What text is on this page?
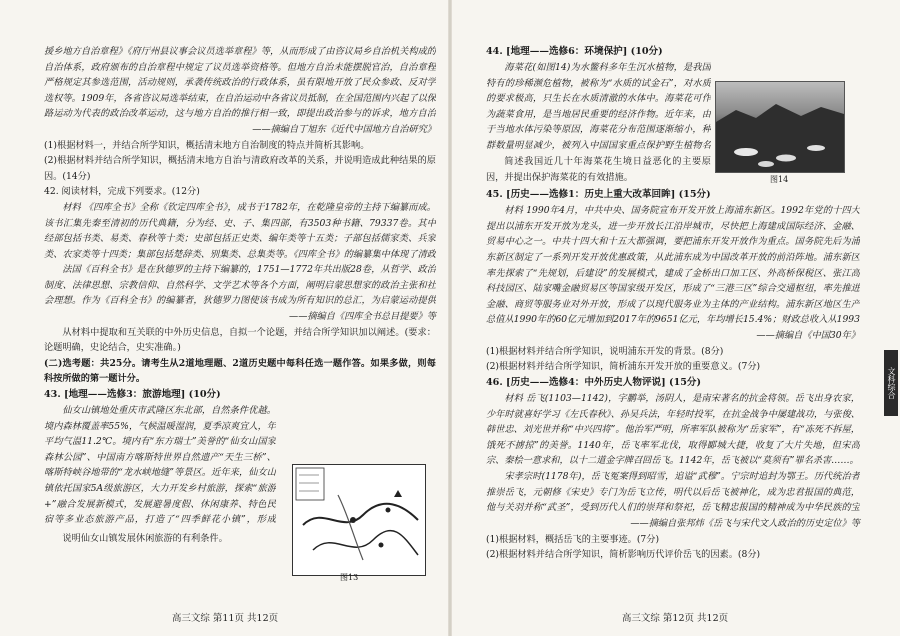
援乡地方自治章程》《府厅州县议事会议员选举章程》等，从而形成了由咨议局乡自治机关构成的自治体系，政府颁布的自治章程中规定了议员选举资格等。但地方自治未能摆脱官治，自治章程严格规定其参选范围，活动规则，承袭传统政治的行政体系，虽有限地开放了民众参政、反对学选权等。1909年，各省咨议局选举结束，在自治运动中各省议员抵制，在全国范围内兴起了以保路运动为代表的政治改革运动，这与地方自治的推行相一致，即提出政治参与的诉求，地方自治

——摘编自丁旭东《近代中国地方自治研究》

(1)根据材料一，并结合所学知识，概括清末地方自治制度的特点并简析其影响。

(2)根据材料并结合所学知识，概括清末地方自治与清政府改革的关系，并说明造成此种结果的原因。(14分)

42. 阅读材料，完成下列要求。(12分)

材料 《四库全书》全称《钦定四库全书》，成书于1782年，在乾隆皇帝的主持下编纂而成。该书汇集先秦至清初的历代典籍，分为经、史、子、集四部，有3503种书籍、79337卷。其中经部包括书类、易类、春秋等十类；史部包括正史类、编年类等十五类；子部包括儒家类、兵家类、农家类等十四类；集部包括楚辞类、别集类、总集类等。《四库全书》的编纂集中体现了清政

法国《百科全书》是在狄德罗的主持下编纂的，1751—1772年共出版28卷，从哲学、政治制度、法律思想、宗教信仰、自然科学、文学艺术等各个方面，阐明启蒙思想家的政治主张和社会理想。作为《百科全书》的编纂者，狄德罗力图使该书成为所有知识的总汇，为启蒙运动提供

——摘编自《四库全书总目提要》等

从材料中提取和互关联的中外历史信息，自拟一个论题，并结合所学知识加以阐述。(要求：论题明确，史论结合，史实准确。)

(二)选考题：共25分。请考生从2道地理题、2道历史题中每科任选一题作答。如果多做，则每科按所做的第一题计分。

43. [地理——选修3：旅游地理] (10分)

仙女山镇地处重庆市武隆区东北部，自然条件优越。境内森林覆盖率55%，气候温暖湿润，夏季凉爽宜人，年平均气温11.2℃。境内有“东方瑞士”美誉的“仙女山国家森林公园”、中国南方喀斯特世界自然遗产“天生三桥”、喀斯特峡谷地带的“龙水峡地缝”等景区。近年来，仙女山镇依托国家5A级旅游区，大力开发乡村旅游，探索“旅游+”融合发展新模式，发展避暑度假、休闲康养、特色民宿等多业态旅游产品，打造了“四季鲜花小镇”，形成

说明仙女山镇发展休闲旅游的有利条件。

图13
高三文综 第11页 共12页

44. [地理——选修6：环境保护] (10分)

海菜花(如图14)为水鳖科多年生沉水植物，是我国特有的珍稀濒危植物，被称为“水质的试金石”，对水质的要求极高，只生长在水质清澈的水体中。海菜花可作为蔬菜食用，是当地居民重要的经济作物。近年来，由于当地水体污染等原因，海菜花分布范围逐渐缩小，种群数量明显减少，被列入中国国家重点保护野生植物名

简述我国近几十年海菜花生境日益恶化的主要原因，并提出保护海菜花的有效措施。

45. [历史——选修1：历史上重大改革回眸] (15分)

材料 1990年4月，中共中央、国务院宣布开发开放上海浦东新区。1992年党的十四大提出以浦东开发开放为龙头，进一步开放长江沿岸城市，尽快把上海建成国际经济、金融、贸易中心之一。中共十四大和十五大都强调，要把浦东开发开放作为重点。国务院先后为浦东新区制定了一系列开发开放优惠政策，从此浦东成为中国改革开放的前沿阵地。浦东新区率先探索了“先规划，后建设”的发展模式，建成了金桥出口加工区、外高桥保税区、张江高科技园区、陆家嘴金融贸易区等国家级开发区，形成了“三港三区”综合交通枢纽，率先推进金融、商贸等服务业对外开放，形成了以现代服务业为主体的产业结构。浦东新区地区生产总值从1990年的60亿元增加到2017年的9651亿元，年均增长15.4%；财政总收入从1993

——摘编自《中国30年》

(1)根据材料并结合所学知识，说明浦东开发的背景。(8分)

(2)根据材料并结合所学知识，简析浦东开发开放的重要意义。(7分)

46. [历史——选修4：中外历史人物评说] (15分)

材料 岳飞(1103—1142)，字鹏举，汤阴人，是南宋著名的抗金将领。岳飞出身农家，少年时就喜好学习《左氏春秋》、孙吴兵法，年轻时投军，在抗金战争中屡建战功，与张俊、韩世忠、刘光世并称“中兴四将”。他治军严明，所率军队被称为“岳家军”，有“冻死不拆屋，饿死不掳掠”的美誉。1140年，岳飞率军北伐，取得郾城大捷，收复了大片失地，但宋高宗、秦桧一意求和，以十二道金字牌召回岳飞。1142年，岳飞被以“莫须有”罪名杀害……。

宋孝宗时(1178年)，岳飞冤案得到昭雪，追谥“武穆”。宁宗时追封为鄂王。历代统治者推崇岳飞，元朝修《宋史》专门为岳飞立传，明代以后岳飞被神化，成为忠君报国的典范，他与关羽并称“武圣”，受到历代人们的崇拜和祭祀，岳飞精忠报国的精神成为中华民族的宝

——摘编自张邦炜《岳飞与宋代文人政治的历史定位》等

(1)根据材料，概括岳飞的主要事迹。(7分)

(2)根据材料并结合所学知识，简析影响历代评价岳飞的因素。(8分)

图14
文科综合
高三文综 第12页 共12页
